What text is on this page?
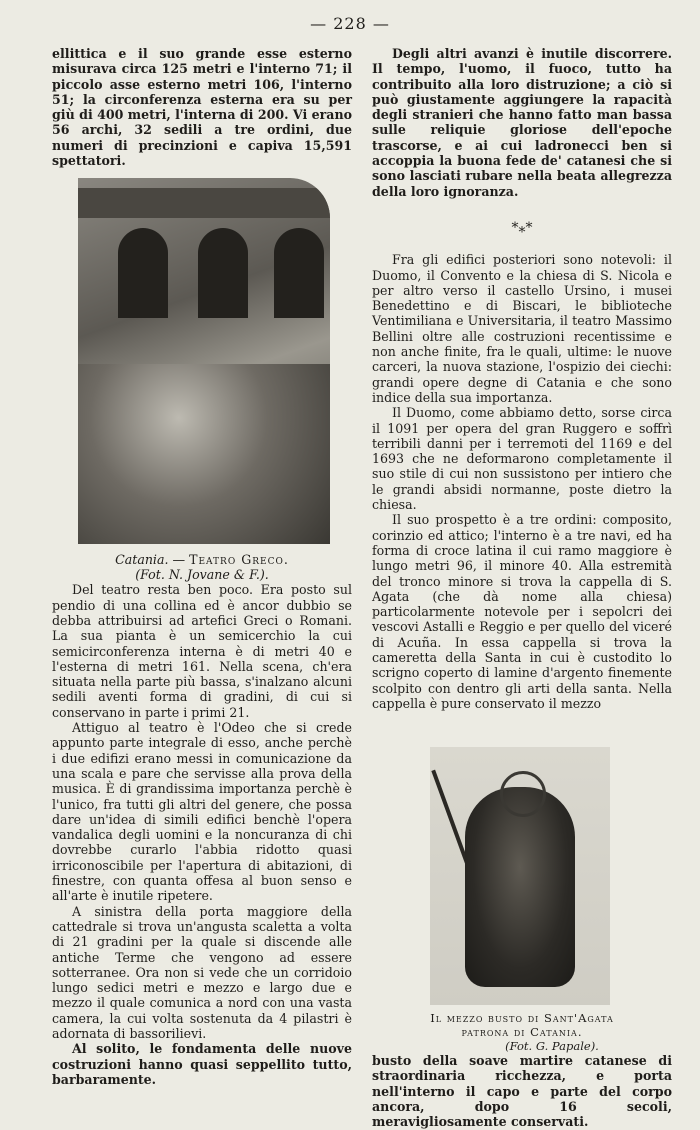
— 228 —

ellittica e il suo grande esse esterno misurava circa 125 metri e l'interno 71; il piccolo asse esterno metri 106, l'interno 51; la circonferenza esterna era su per giù di 400 metri, l'interna di 200. Vi erano 56 archi, 32 sedili a tre ordini, due numeri di precinzioni e capiva 15,591 spettatori.

Catania. — Teatro Greco.
(Fot. N. Jovane & F.).

Del teatro resta ben poco. Era posto sul pendio di una collina ed è ancor dubbio se debba attribuirsi ad artefici Greci o Romani. La sua pianta è un semicerchio la cui semicirconferenza interna è di metri 40 e l'esterna di metri 161. Nella scena, ch'era situata nella parte più bassa, s'inalzano alcuni sedili aventi forma di gradini, di cui si conservano in parte i primi 21.

Attiguo al teatro è l'Odeo che si crede appunto parte integrale di esso, anche perchè i due edifizi erano messi in comunicazione da una scala e pare che servisse alla prova della musica. È di grandissima importanza perchè è l'unico, fra tutti gli altri del genere, che possa dare un'idea di simili edifici benchè l'opera vandalica degli uomini e la noncuranza di chi dovrebbe curarlo l'abbia ridotto quasi irriconoscibile per l'apertura di abitazioni, di finestre, con quanta offesa al buon senso e all'arte è inutile ripetere.

A sinistra della porta maggiore della cattedrale si trova un'angusta scaletta a volta di 21 gradini per la quale si discende alle antiche Terme che vengono ad essere sotterranee. Ora non si vede che un corridoio lungo sedici metri e mezzo e largo due e mezzo il quale comunica a nord con una vasta camera, la cui volta sostenuta da 4 pilastri è adornata di bassorilievi.

Al solito, le fondamenta delle nuove costruzioni hanno quasi seppellito tutto, barbaramente.

Degli altri avanzi è inutile discorrere. Il tempo, l'uomo, il fuoco, tutto ha contribuito alla loro distruzione; a ciò si può giustamente aggiungere la rapacità degli stranieri che hanno fatto man bassa sulle reliquie gloriose dell'epoche trascorse, e ai cui ladronecci ben si accoppia la buona fede de' catanesi che si sono lasciati rubare nella beata allegrezza della loro ignoranza.

*⁎*

Fra gli edifici posteriori sono notevoli: il Duomo, il Convento e la chiesa di S. Nicola e per altro verso il castello Ursino, i musei Benedettino e di Biscari, le biblioteche Ventimiliana e Universitaria, il teatro Massimo Bellini oltre alle costruzioni recentissime e non anche finite, fra le quali, ultime: le nuove carceri, la nuova stazione, l'ospizio dei ciechi: grandi opere degne di Catania e che sono indice della sua importanza.

Il Duomo, come abbiamo detto, sorse circa il 1091 per opera del gran Ruggero e soffrì terribili danni per i terremoti del 1169 e del 1693 che ne deformarono completamente il suo stile di cui non sussistono per intiero che le grandi absidi normanne, poste dietro la chiesa.

Il suo prospetto è a tre ordini: composito, corinzio ed attico; l'interno è a tre navi, ed ha forma di croce latina il cui ramo maggiore è lungo metri 96, il minore 40. Alla estremità del tronco minore si trova la cappella di S. Agata (che dà nome alla chiesa) particolarmente notevole per i sepolcri dei vescovi Astalli e Reggio e per quello del viceré di Acuña. In essa cappella si trova la cameretta della Santa in cui è custodito lo scrigno coperto di lamine d'argento finemente scolpito con dentro gli arti della santa. Nella cappella è pure conservato il mezzo

Il mezzo busto di Sant'Agata
patrona di Catania.
(Fot. G. Papale).

busto della soave martire catanese di straordinaria ricchezza, e porta nell'interno il capo e parte del corpo ancora, dopo 16 secoli, meravigliosamente conservati.
